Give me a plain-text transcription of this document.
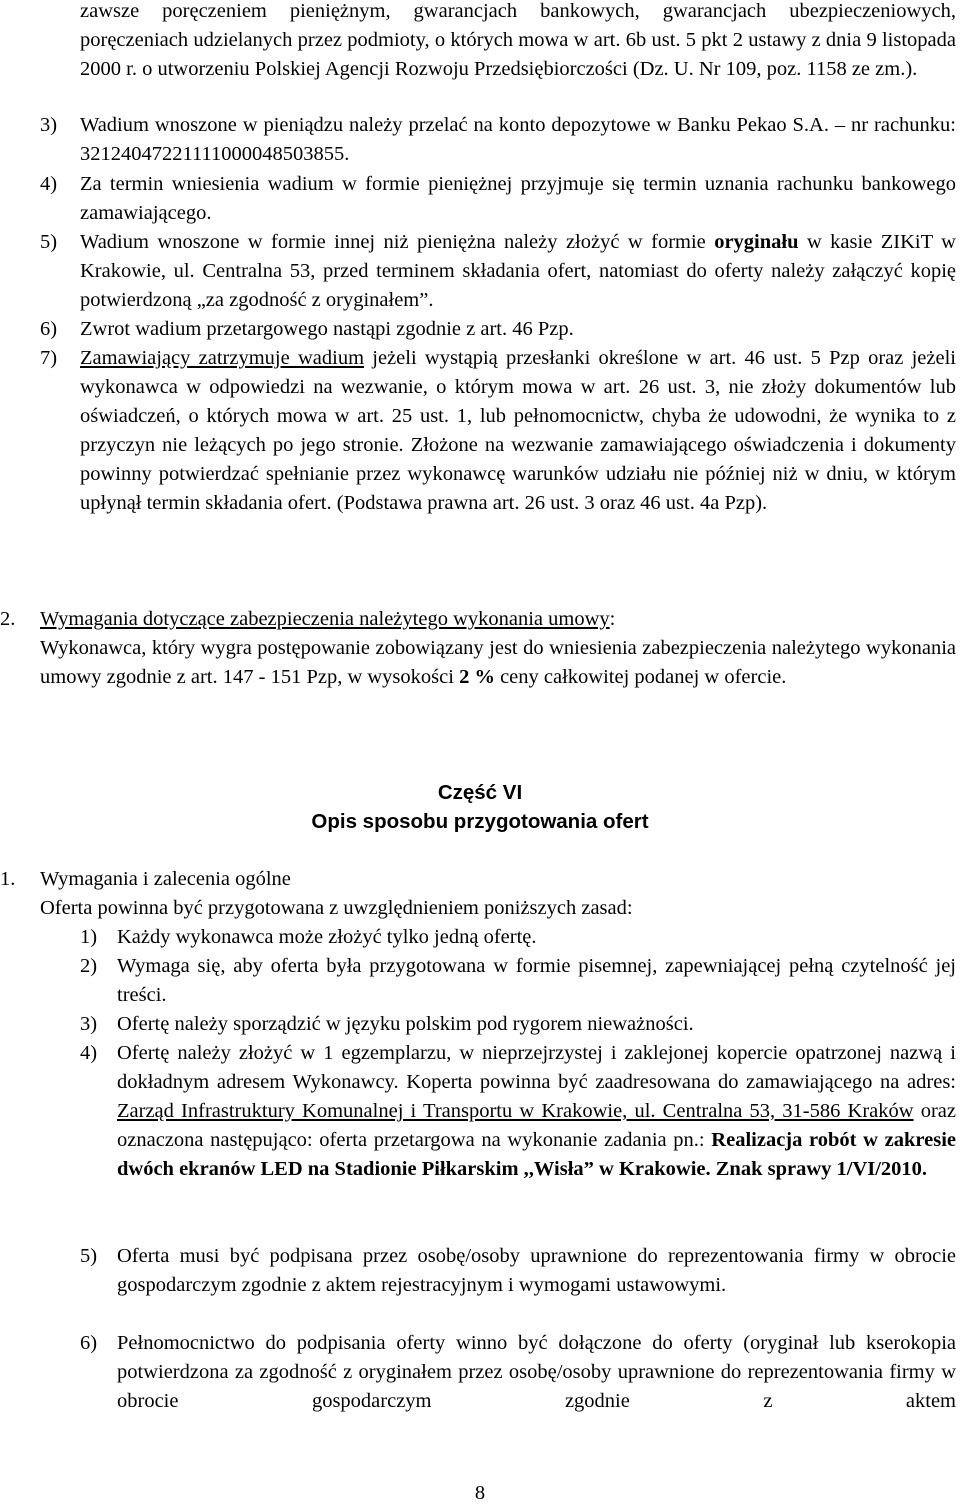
zawsze poręczeniem pieniężnym, gwarancjach bankowych, gwarancjach ubezpieczeniowych, poręczeniach udzielanych przez podmioty, o których mowa w art. 6b ust. 5 pkt 2 ustawy z dnia 9 listopada 2000 r. o utworzeniu Polskiej Agencji Rozwoju Przedsiębiorczości (Dz. U. Nr 109, poz. 1158 ze zm.).

3) Wadium wnoszone w pieniądzu należy przelać na konto depozytowe w Banku Pekao S.A. – nr rachunku: 32124047221111000048503855.

4) Za termin wniesienia wadium w formie pieniężnej przyjmuje się termin uznania rachunku bankowego zamawiającego.

5) Wadium wnoszone w formie innej niż pieniężna należy złożyć w formie oryginału w kasie ZIKiT w Krakowie, ul. Centralna 53, przed terminem składania ofert, natomiast do oferty należy załączyć kopię potwierdzoną „za zgodność z oryginałem”.

6) Zwrot wadium przetargowego nastąpi zgodnie z art. 46 Pzp.

7) Zamawiający zatrzymuje wadium jeżeli wystąpią przesłanki określone w art. 46 ust. 5 Pzp oraz jeżeli wykonawca w odpowiedzi na wezwanie, o którym mowa w art. 26 ust. 3, nie złoży dokumentów lub oświadczeń, o których mowa w art. 25 ust. 1, lub pełnomocnictw, chyba że udowodni, że wynika to z przyczyn nie leżących po jego stronie. Złożone na wezwanie zamawiającego oświadczenia i dokumenty powinny potwierdzać spełnianie przez wykonawcę warunków udziału nie później niż w dniu, w którym upłynął termin składania ofert. (Podstawa prawna art. 26 ust. 3 oraz 46 ust. 4a Pzp).

2. Wymagania dotyczące zabezpieczenia należytego wykonania umowy:

Wykonawca, który wygra postępowanie zobowiązany jest do wniesienia zabezpieczenia należytego wykonania umowy zgodnie z art. 147 - 151 Pzp, w wysokości 2 % ceny całkowitej podanej w ofercie.

Część VI

Opis sposobu przygotowania ofert

1. Wymagania i zalecenia ogólne

Oferta powinna być przygotowana z uwzględnieniem poniższych zasad:

1) Każdy wykonawca może złożyć tylko jedną ofertę.

2) Wymaga się, aby oferta była przygotowana w formie pisemnej, zapewniającej pełną czytelność jej treści.

3) Ofertę należy sporządzić w języku polskim pod rygorem nieważności.

4) Ofertę należy złożyć w 1 egzemplarzu, w nieprzejrzystej i zaklejonej kopercie opatrzonej nazwą i dokładnym adresem Wykonawcy. Koperta powinna być zaadresowana do zamawiającego na adres: Zarząd Infrastruktury Komunalnej i Transportu w Krakowie, ul. Centralna 53, 31-586 Kraków oraz oznaczona następująco: oferta przetargowa na wykonanie zadania pn.: Realizacja robót w zakresie dwóch ekranów LED na Stadionie Piłkarskim ,,Wisła” w Krakowie. Znak sprawy 1/VI/2010.

5) Oferta musi być podpisana przez osobę/osoby uprawnione do reprezentowania firmy w obrocie gospodarczym zgodnie z aktem rejestracyjnym i wymogami ustawowymi.

6) Pełnomocnictwo do podpisania oferty winno być dołączone do oferty (oryginał lub kserokopia potwierdzona za zgodność z oryginałem przez osobę/osoby uprawnione do reprezentowania firmy w obrocie gospodarczym zgodnie z aktem

8
